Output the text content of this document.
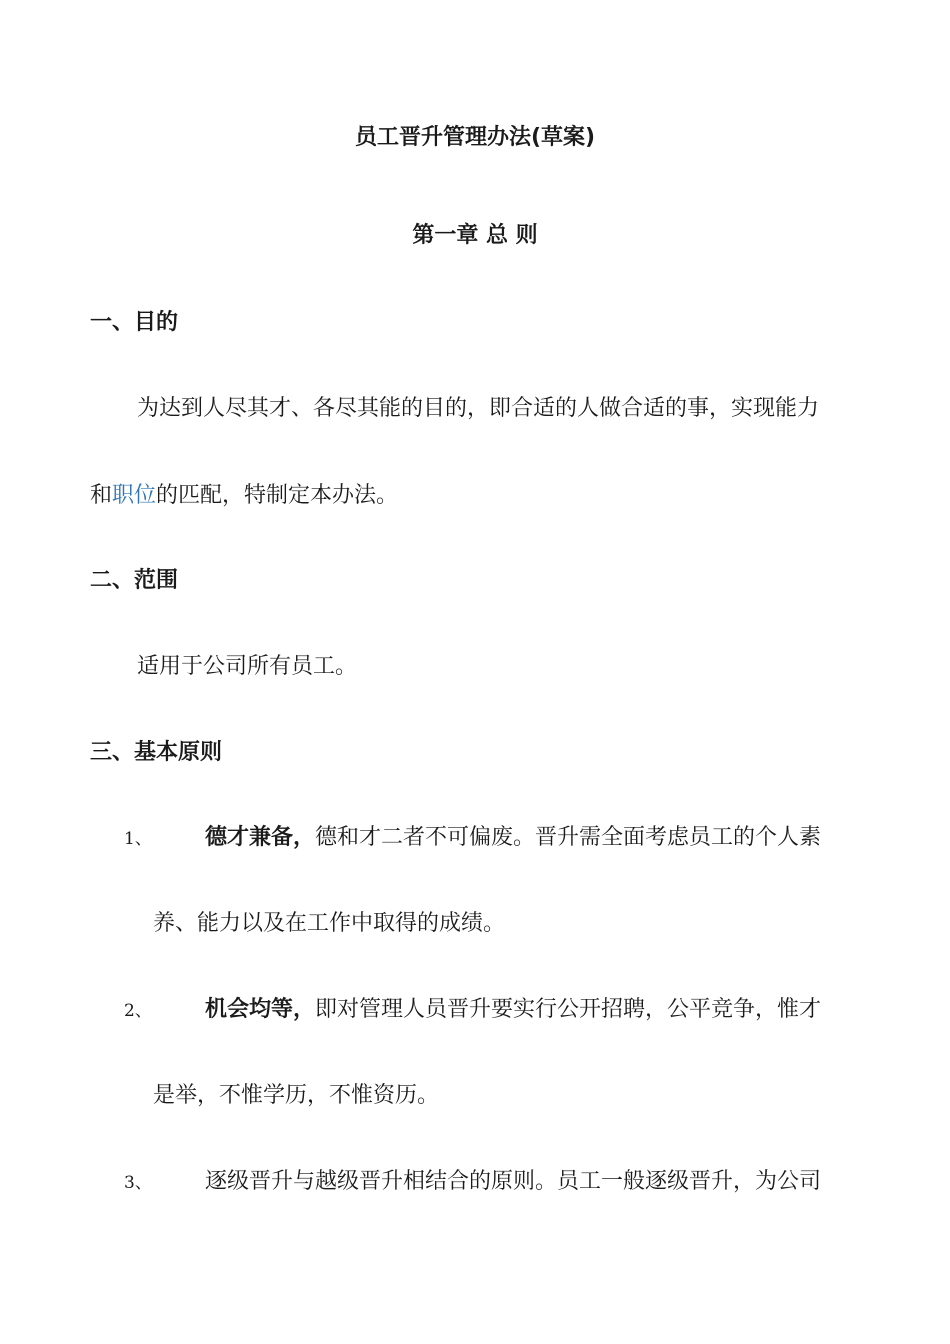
员工晋升管理办法(草案)
第一章 总 则
一、目的
为达到人尽其才、各尽其能的目的，即合适的人做合适的事，实现能力
和职位的匹配，特制定本办法。
二、范围
适用于公司所有员工。
三、基本原则
1、 德才兼备，德和才二者不可偏废。晋升需全面考虑员工的个人素
养、能力以及在工作中取得的成绩。
2、 机会均等，即对管理人员晋升要实行公开招聘，公平竞争，惟才
是举，不惟学历，不惟资历。
3、 逐级晋升与越级晋升相结合的原则。员工一般逐级晋升，为公司
